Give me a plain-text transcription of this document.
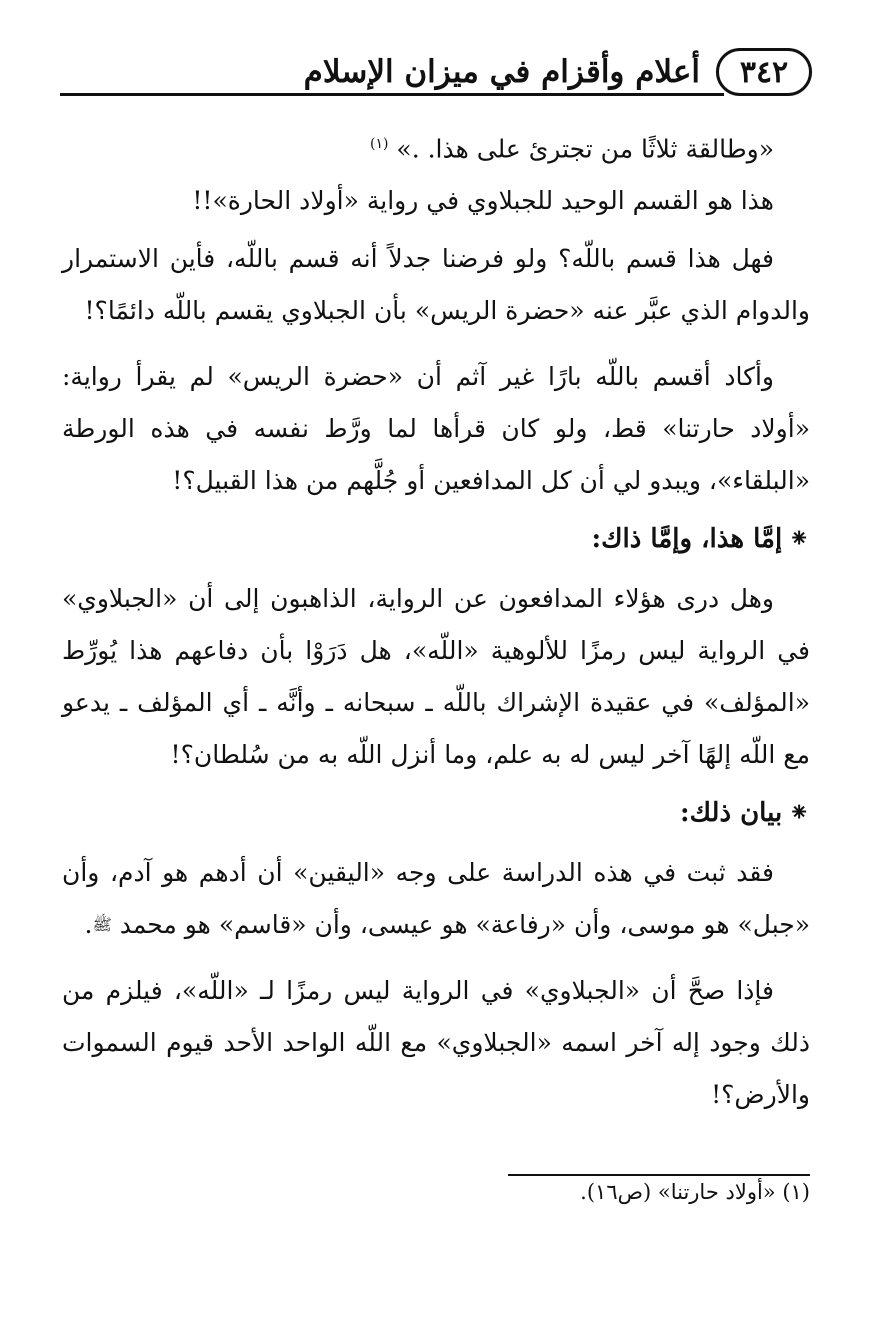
٣٤٢
أعلام وأقزام في ميزان الإسلام

«وطالقة ثلاثًا من تجترئ على هذا. .» $^{(١)}$

هذا هو القسم الوحيد للجبلاوي في رواية «أولاد الحارة»!!

فهل هذا قسم باللّه؟ ولو فرضنا جدلاً أنه قسم باللّه، فأين الاستمرار والدوام الذي عبَّر عنه «حضرة الريس» بأن الجبلاوي يقسم باللّه دائمًا؟!

وأكاد أقسم باللّه بارًا غير آثم أن «حضرة الريس» لم يقرأ رواية: «أولاد حارتنا» قط، ولو كان قرأها لما ورَّط نفسه في هذه الورطة «البلقاء»، ويبدو لي أن كل المدافعين أو جُلَّهم من هذا القبيل؟!

⁕إمَّا هذا، وإمَّا ذاك:

وهل درى هؤلاء المدافعون عن الرواية، الذاهبون إلى أن «الجبلاوي» في الرواية ليس رمزًا للألوهية «اللّه»، هل دَرَوْا بأن دفاعهم هذا يُورِّط «المؤلف» في عقيدة الإشراك باللّه ـ سبحانه ـ وأنَّه ـ أي المؤلف ـ يدعو مع اللّه إلهًا آخر ليس له به علم، وما أنزل اللّه به من سُلطان؟!

⁕بيان ذلك:

فقد ثبت في هذه الدراسة على وجه «اليقين» أن أدهم هو آدم، وأن «جبل» هو موسى، وأن «رفاعة» هو عيسى، وأن «قاسم» هو محمد $^ﷺ$.

فإذا صحَّ أن «الجبلاوي» في الرواية ليس رمزًا لـ «اللّه»، فيلزم من ذلك وجود إله آخر اسمه «الجبلاوي» مع اللّه الواحد الأحد قيوم السموات والأرض؟!

(١) «أولاد حارتنا» (ص١٦).
